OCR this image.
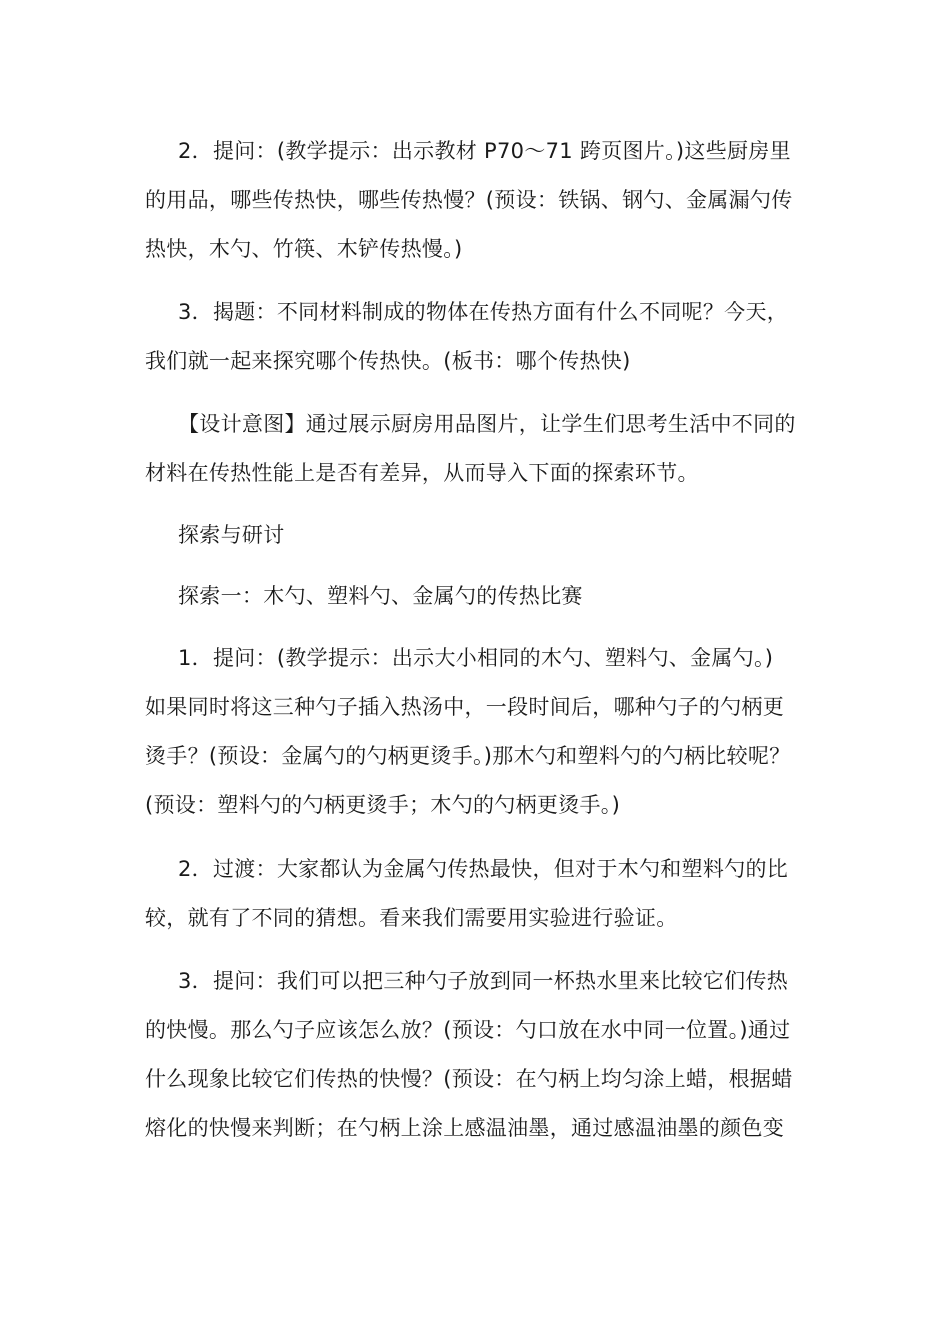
2．提问：(教学提示：出示教材 P70～71 跨页图片。)这些厨房里
的用品，哪些传热快，哪些传热慢？(预设：铁锅、钢勺、金属漏勺传
热快，木勺、竹筷、木铲传热慢。)
3．揭题：不同材料制成的物体在传热方面有什么不同呢？今天，
我们就一起来探究哪个传热快。(板书：哪个传热快)
【设计意图】通过展示厨房用品图片，让学生们思考生活中不同的
材料在传热性能上是否有差异，从而导入下面的探索环节。
探索与研讨
探索一：木勺、塑料勺、金属勺的传热比赛
1．提问：(教学提示：出示大小相同的木勺、塑料勺、金属勺。)
如果同时将这三种勺子插入热汤中，一段时间后，哪种勺子的勺柄更
烫手？(预设：金属勺的勺柄更烫手。)那木勺和塑料勺的勺柄比较呢？
(预设：塑料勺的勺柄更烫手；木勺的勺柄更烫手。)
2．过渡：大家都认为金属勺传热最快，但对于木勺和塑料勺的比
较，就有了不同的猜想。看来我们需要用实验进行验证。
3．提问：我们可以把三种勺子放到同一杯热水里来比较它们传热
的快慢。那么勺子应该怎么放？(预设：勺口放在水中同一位置。)通过
什么现象比较它们传热的快慢？(预设：在勺柄上均匀涂上蜡，根据蜡
熔化的快慢来判断；在勺柄上涂上感温油墨，通过感温油墨的颜色变
